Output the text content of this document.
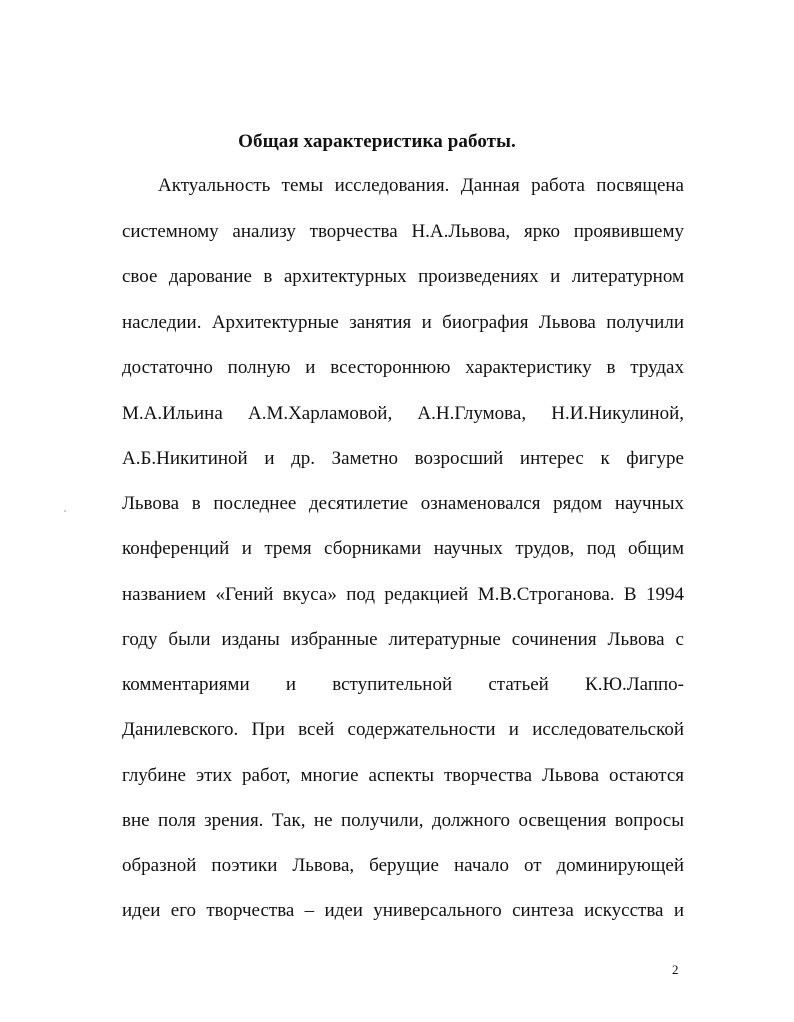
Общая характеристика работы.
Актуальность темы исследования. Данная работа посвящена
системному анализу творчества Н.А.Львова, ярко проявившему
свое дарование в архитектурных произведениях и литературном
наследии. Архитектурные занятия и биография Львова получили
достаточно полную и всестороннюю характеристику в трудах
М.А.Ильина А.М.Харламовой, А.Н.Глумова, Н.И.Никулиной,
А.Б.Никитиной и др. Заметно возросший интерес к фигуре
Львова в последнее десятилетие ознаменовался рядом научных
конференций и тремя сборниками научных трудов, под общим
названием «Гений вкуса» под редакцией М.В.Строганова. В 1994
году были изданы избранные литературные сочинения Львова с
комментариями и вступительной статьей К.Ю.Лаппо-
Данилевского. При всей содержательности и исследовательской
глубине этих работ, многие аспекты творчества Львова остаются
вне поля зрения. Так, не получили, должного освещения вопросы
образной поэтики Львова, берущие начало от доминирующей
идеи его творчества – идеи универсального синтеза искусства и
2
